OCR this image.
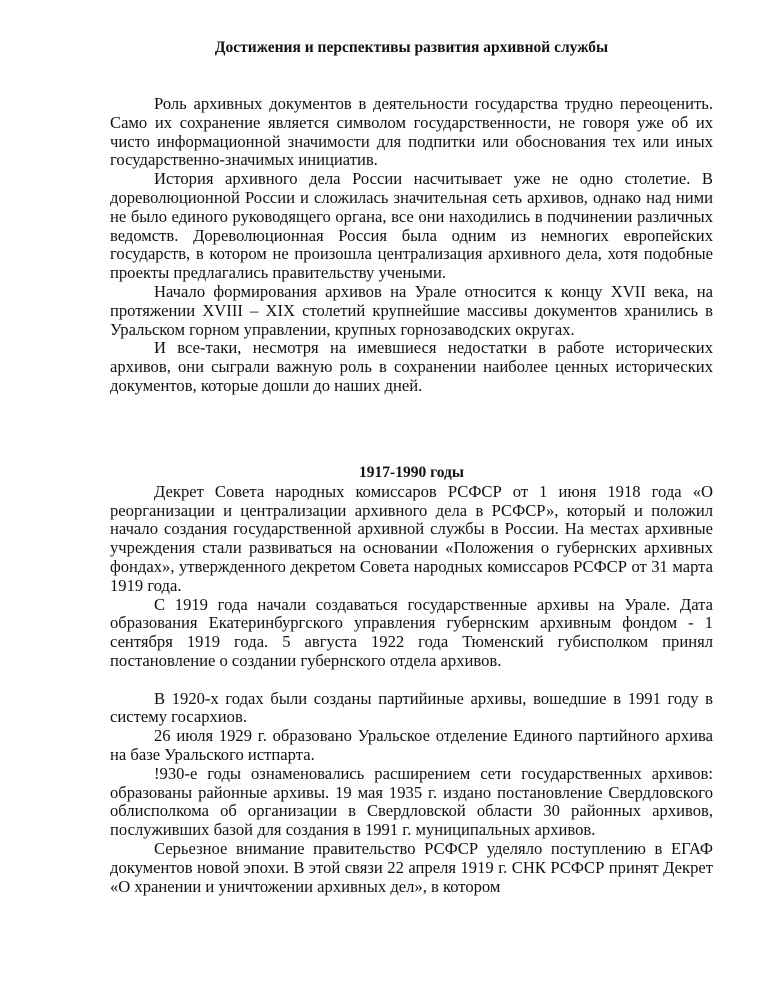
Достижения и перспективы развития архивной службы

Роль архивных документов в деятельности государства трудно переоценить. Само их сохранение является символом государственности, не говоря уже об их чисто информационной значимости для подпитки или обоснования тех или иных государственно-значимых инициатив.

История архивного дела России насчитывает уже не одно столетие. В дореволюционной России и сложилась значительная сеть архивов, однако над ними не было единого руководящего органа, все они находились в подчинении различных ведомств. Дореволюционная Россия была одним из немногих европейских государств, в котором не произошла централизация архивного дела, хотя подобные проекты предлагались правительству учеными.

Начало формирования архивов на Урале относится к концу XVII века, на протяжении XVIII – XIX столетий крупнейшие массивы документов хранились в Уральском горном управлении, крупных горнозаводских округах.

И все-таки, несмотря на имевшиеся недостатки в работе исторических архивов, они сыграли важную роль в сохранении наиболее ценных исторических документов, которые дошли до наших дней.

1917-1990 годы

Декрет Совета народных комиссаров РСФСР от 1 июня 1918 года «О реорганизации и централизации архивного дела в РСФСР», который и положил начало создания государственной архивной службы в России. На местах архивные учреждения стали развиваться на основании «Положения о губернских архивных фондах», утвержденного декретом Совета народных комиссаров РСФСР от 31 марта 1919 года.

С 1919 года начали создаваться государственные архивы на Урале. Дата образования Екатеринбургского управления губернским архивным фондом - 1 сентября 1919 года. 5 августа 1922 года Тюменский губисполком принял постановление о создании губернского отдела архивов.

В 1920-х годах были созданы партийиные архивы, вошедшие в 1991 году в систему госархиов.

26 июля 1929 г. образовано Уральское отделение Единого партийного архива на базе Уральского истпарта.

!930-е годы ознаменовались расширением сети государственных архивов: образованы районные архивы. 19 мая 1935 г. издано постановление Свердловского облисполкома об организации в Свердловской области 30 районных архивов, послуживших базой для создания в 1991 г. муниципальных архивов.

Серьезное внимание правительство РСФСР уделяло поступлению в ЕГАФ документов новой эпохи. В этой связи 22 апреля 1919 г. СНК РСФСР принят Декрет «О хранении и уничтожении архивных дел», в котором
